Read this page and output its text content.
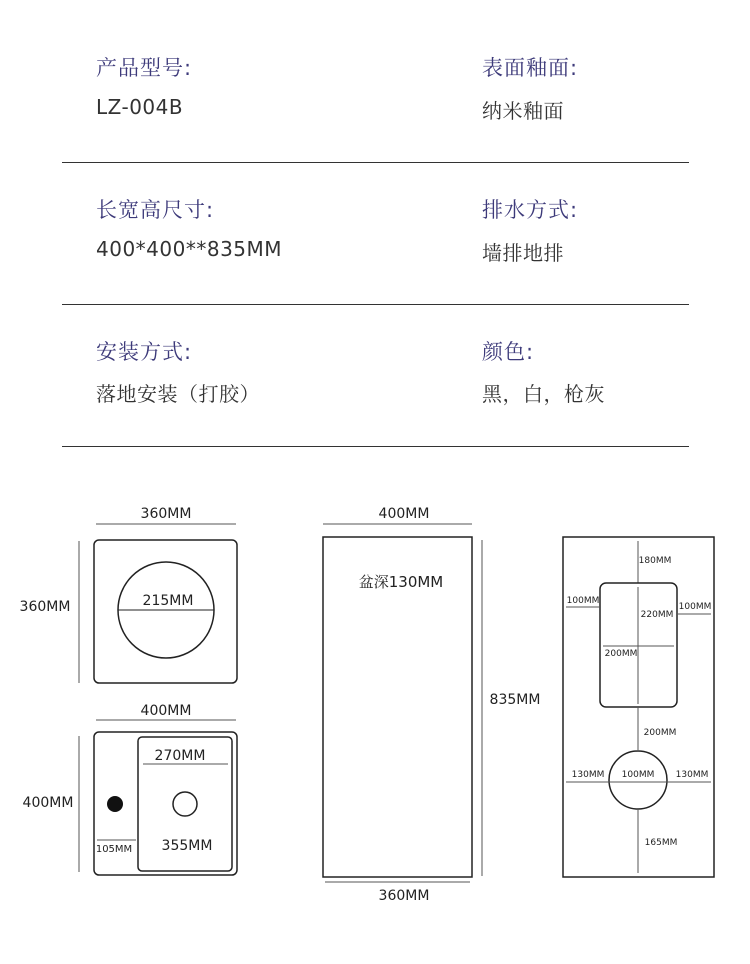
产品型号:
LZ-004B
表面釉面:
纳米釉面
长宽高尺寸:
400*400**835MM
排水方式:
墙排地排
安装方式:
落地安装（打胶）
颜色:
黑，白，枪灰
360MM
360MM	215MM
400MM
400MM
270MM
105MM 355MM
400MM
盆深130MM
835MM
360MM
180MM
100MM
100MM
220MM
200MM
200MM
130MM 100MM 130MM
165MM
